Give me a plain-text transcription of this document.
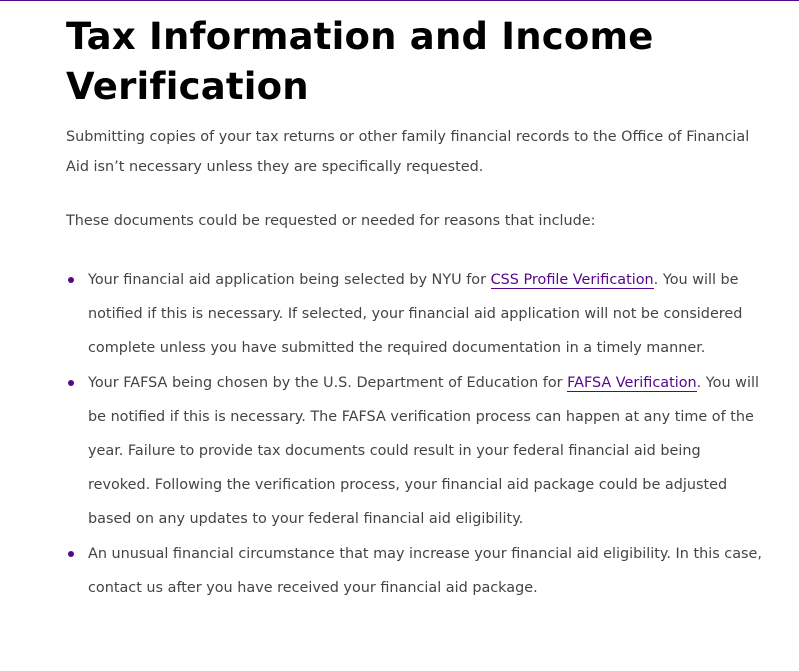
Tax Information and Income Verification

Submitting copies of your tax returns or other family financial records to the Office of Financial Aid isn’t necessary unless they are specifically requested.

These documents could be requested or needed for reasons that include:

Your financial aid application being selected by NYU for CSS Profile Verification. You will be notified if this is necessary. If selected, your financial aid application will not be considered complete unless you have submitted the required documentation in a timely manner.
Your FAFSA being chosen by the U.S. Department of Education for FAFSA Verification. You will be notified if this is necessary. The FAFSA verification process can happen at any time of the year. Failure to provide tax documents could result in your federal financial aid being revoked. Following the verification process, your financial aid package could be adjusted based on any updates to your federal financial aid eligibility.
An unusual financial circumstance that may increase your financial aid eligibility. In this case, contact us after you have received your financial aid package.
